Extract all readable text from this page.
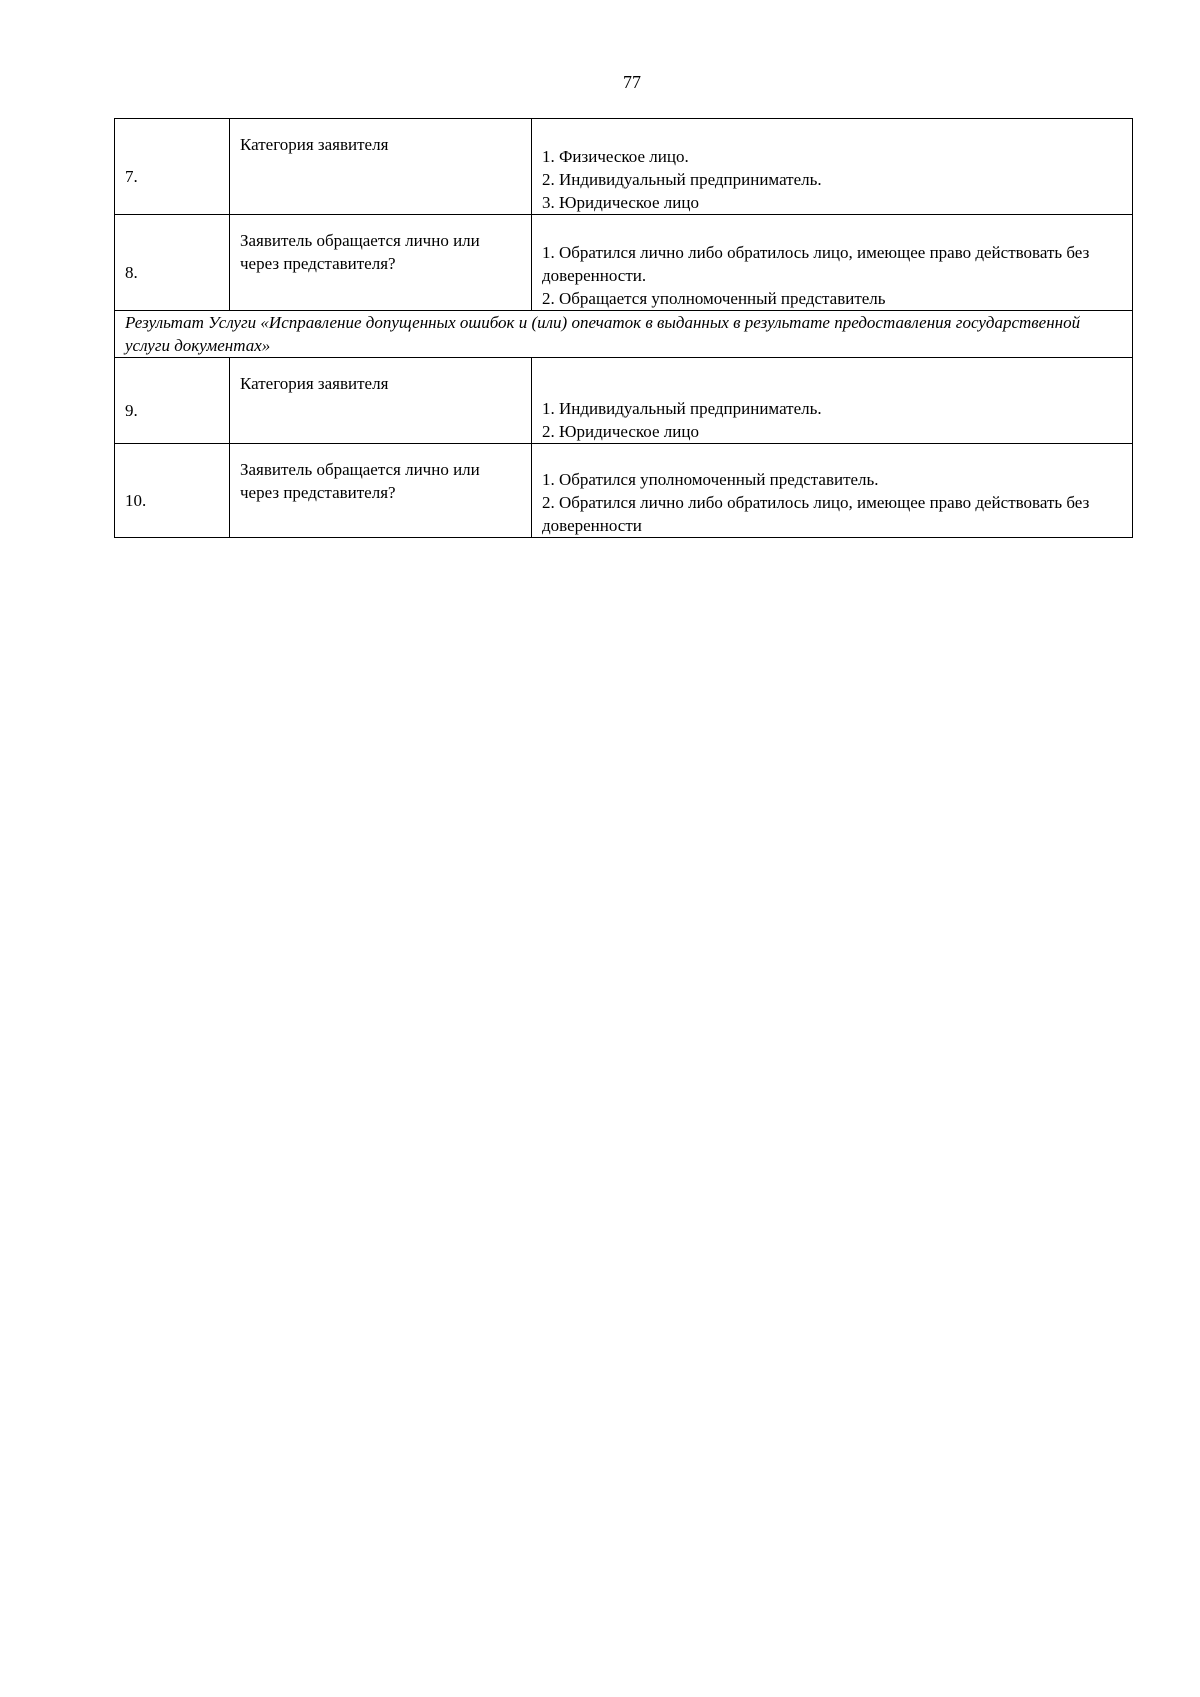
77
7.	Категория заявителя	1. Физическое лицо.
2. Индивидуальный предприниматель.
3. Юридическое лицо

8.	Заявитель обращается лично или через представителя?	1. Обратился лично либо обратилось лицо, имеющее право действовать без доверенности.
2. Обращается уполномоченный представитель

Результат Услуги «Исправление допущенных ошибок и (или) опечаток в выданных в результате предоставления государственной услуги документах»		

9.	Категория заявителя	1. Индивидуальный предприниматель.
2. Юридическое лицо

10.	Заявитель обращается лично или через представителя?	1. Обратился уполномоченный представитель.
2. Обратился лично либо обратилось лицо, имеющее право действовать без доверенности
